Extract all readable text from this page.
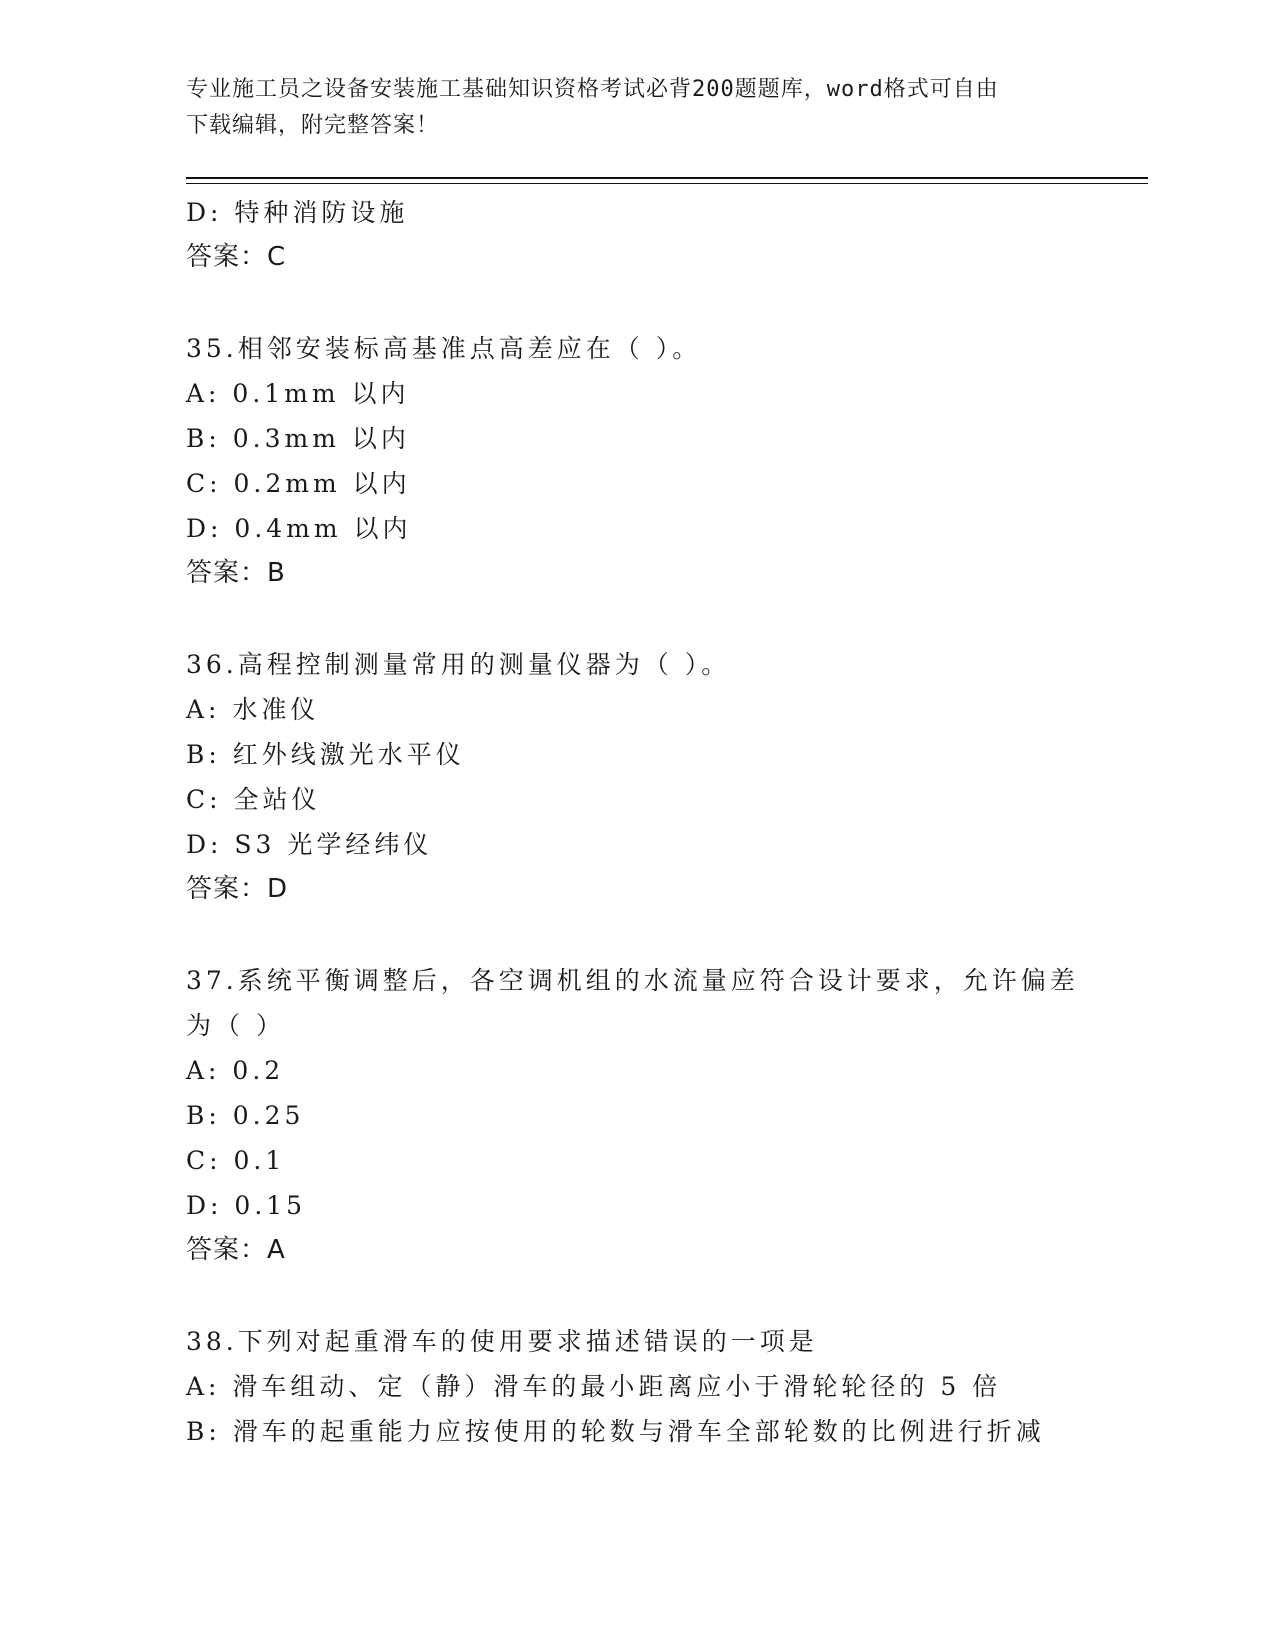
专业施工员之设备安装施工基础知识资格考试必背200题题库，word格式可自由
下载编辑，附完整答案！
D: 特种消防设施
答案：C
35.相邻安装标高基准点高差应在（ ）。
A: 0.1mm 以内
B: 0.3mm 以内
C: 0.2mm 以内
D: 0.4mm 以内
答案：B
36.高程控制测量常用的测量仪器为（ ）。
A: 水准仪
B: 红外线激光水平仪
C: 全站仪
D: S3 光学经纬仪
答案：D
37.系统平衡调整后，各空调机组的水流量应符合设计要求，允许偏差
为（ ）
A: 0.2
B: 0.25
C: 0.1
D: 0.15
答案：A
38.下列对起重滑车的使用要求描述错误的一项是
A: 滑车组动、定（静）滑车的最小距离应小于滑轮轮径的 5 倍
B: 滑车的起重能力应按使用的轮数与滑车全部轮数的比例进行折减
